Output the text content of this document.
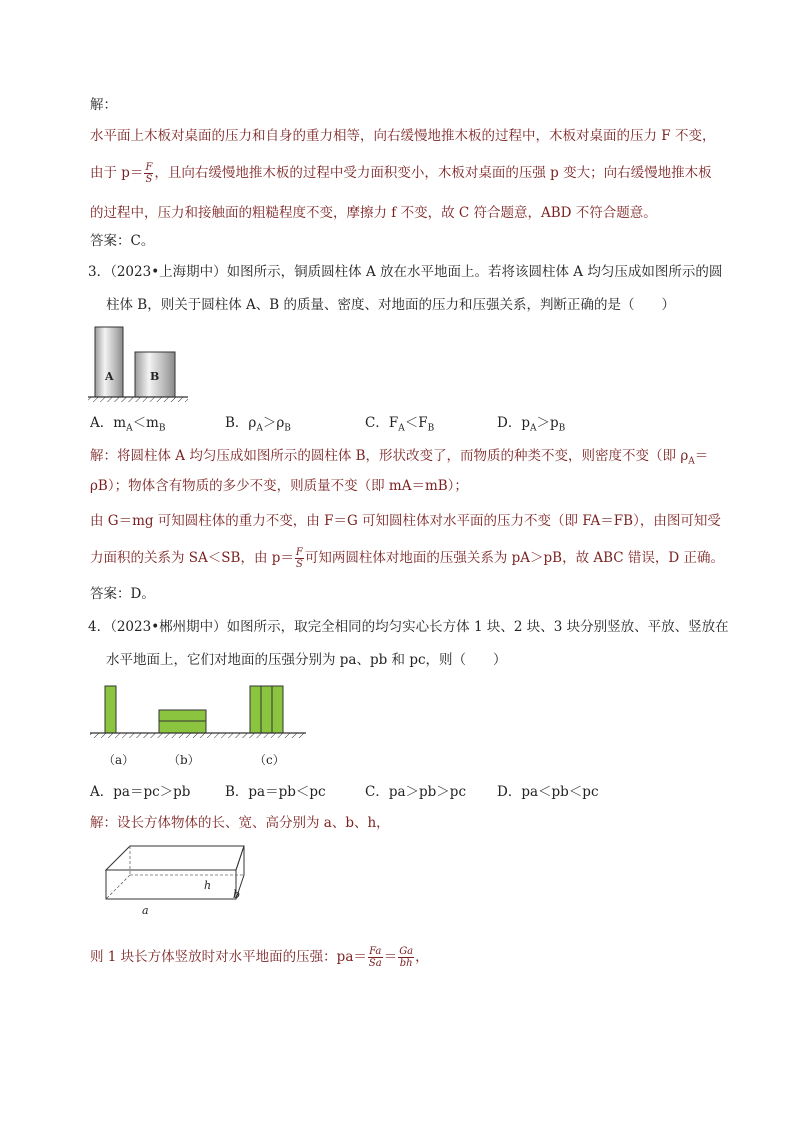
解：
水平面上木板对桌面的压力和自身的重力相等，向右缓慢地推木板的过程中，木板对桌面的压力 F 不变，
由于 $p= \frac{F}{S}$ ，且向右缓慢地推木板的过程中受力面积变小，木板对桌面的压强 p 变大；向右缓慢地推木板
的过程中，压力和接触面的粗糙程度不变，摩擦力 f 不变，故 C 符合题意，ABD 不符合题意。
答案：C。
3．（2023•上海期中）如图所示，铜质圆柱体 A 放在水平地面上。若将该圆柱体 A 均匀压成如图所示的圆
柱体 B，则关于圆柱体 A、B 的质量、密度、对地面的压力和压强关系，判断正确的是（　　）
A	B
A．$m_A<m_B$	B．$\rho_A>\rho_B$	C．$F_A<F_B$	D．$p_A>p_B$
解：将圆柱体 A 均匀压成如图所示的圆柱体 B，形状改变了，而物质的种类不变，则密度不变（即 $\rho_A=$
ρB）；物体含有物质的多少不变，则质量不变（即 mA＝mB）；
由 G＝mg 可知圆柱体的重力不变，由 F＝G 可知圆柱体对水平面的压力不变（即 FA＝FB），由图可知受
力面积的关系为 SA＜SB，由 $p= \frac{F}{S}$ 可知两圆柱体对地面的压强关系为 pA＞pB，故 ABC 错误，D 正确。
答案：D。
4．（2023•郴州期中）如图所示，取完全相同的均匀实心长方体 1 块、2 块、3 块分别竖放、平放、竖放在
水平地面上，它们对地面的压强分别为 pa、pb 和 pc，则（　　）
（a）	（b）	（c）
A．pa＝pc＞pb	B．pa＝pb＜pc	C．pa＞pb＞pc D．pa＜pb＜pc
解：设长方体物体的长、宽、高分别为 a、b、h，
h
b
a
则 1 块长方体竖放时对水平地面的压强：$pa= \frac{Fa}{Sa} = \frac{Ga}{bh}$ ，
